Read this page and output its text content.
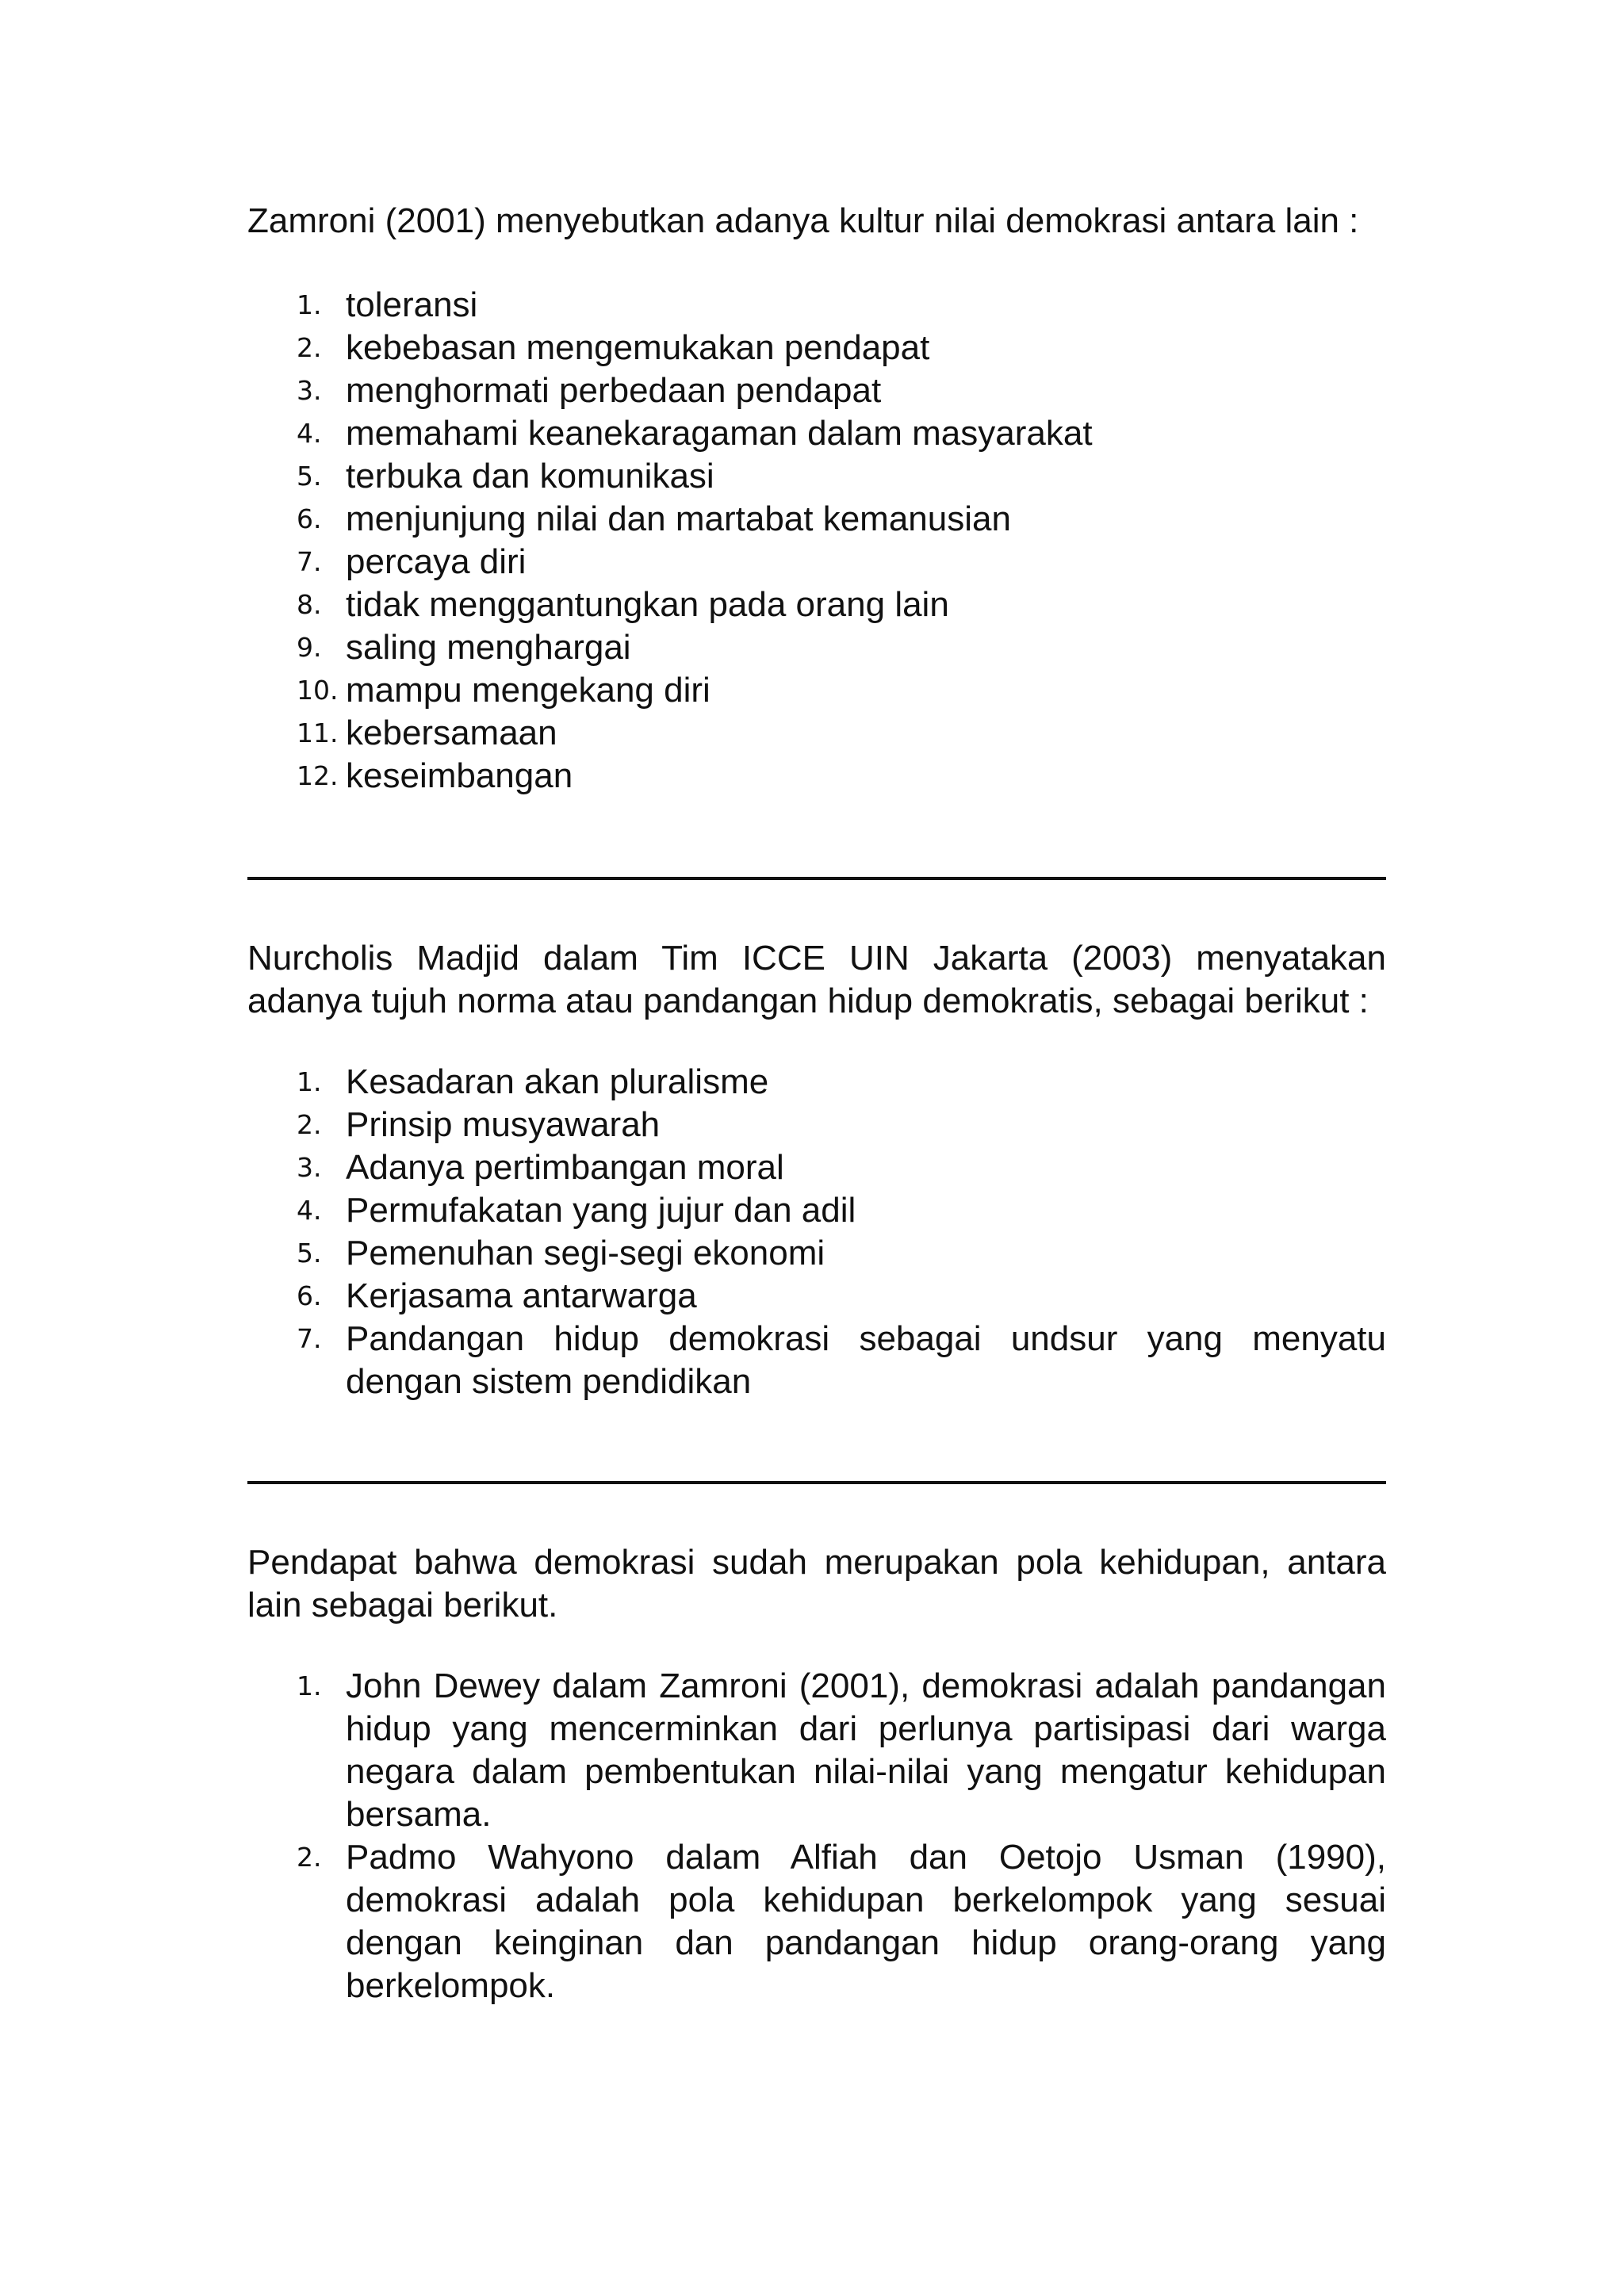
Zamroni (2001) menyebutkan adanya kultur nilai demokrasi antara lain :

1. toleransi
2. kebebasan mengemukakan pendapat
3. menghormati perbedaan pendapat
4. memahami keanekaragaman dalam masyarakat
5. terbuka dan komunikasi
6. menjunjung nilai dan martabat kemanusian
7. percaya diri
8. tidak menggantungkan pada orang lain
9. saling menghargai
10. mampu mengekang diri
11. kebersamaan
12. keseimbangan

Nurcholis Madjid dalam Tim ICCE UIN Jakarta (2003) menyatakan adanya tujuh norma atau pandangan hidup demokratis, sebagai berikut :

1. Kesadaran akan pluralisme
2. Prinsip musyawarah
3. Adanya pertimbangan moral
4. Permufakatan yang jujur dan adil
5. Pemenuhan segi-segi ekonomi
6. Kerjasama antarwarga
7. Pandangan hidup demokrasi sebagai undsur yang menyatu dengan sistem pendidikan

Pendapat bahwa demokrasi sudah merupakan pola kehidupan, antara lain sebagai berikut.

1. John Dewey dalam Zamroni (2001), demokrasi adalah pandangan hidup yang mencerminkan dari perlunya partisipasi dari warga negara dalam pembentukan nilai-nilai yang mengatur kehidupan bersama.
2. Padmo Wahyono dalam Alfiah dan Oetojo Usman (1990), demokrasi adalah pola kehidupan berkelompok yang sesuai dengan keinginan dan pandangan hidup orang-orang yang berkelompok.
